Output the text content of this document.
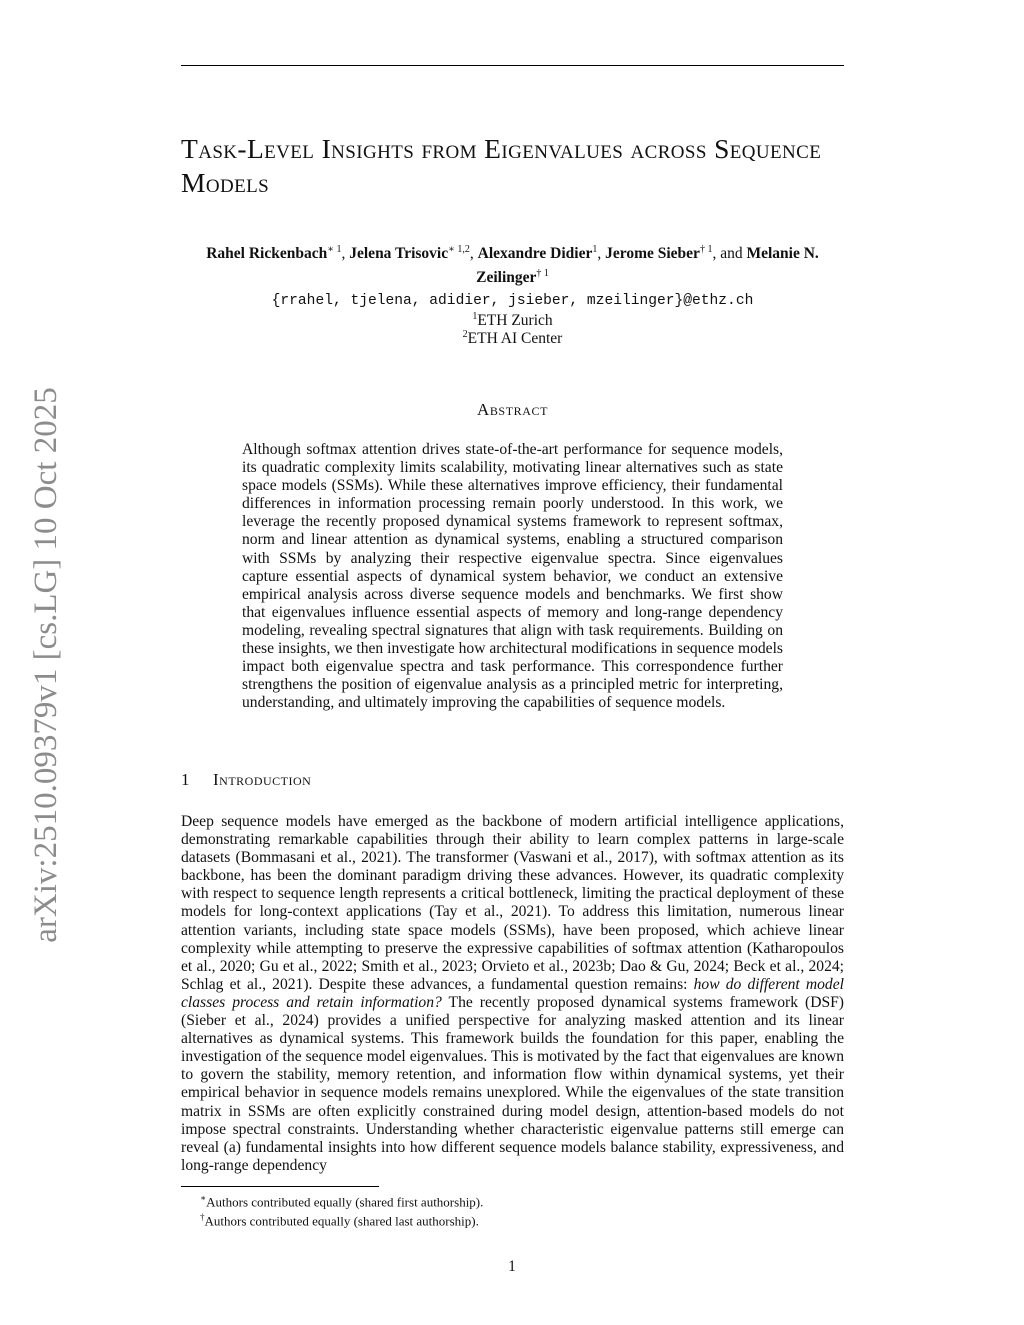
arXiv:2510.09379v1 [cs.LG] 10 Oct 2025
Task-Level Insights from Eigenvalues across Sequence Models
Rahel Rickenbach$^{∗ 1}$, Jelena Trisovic$^{∗ 1,2}$, Alexandre Didier$^1$, Jerome Sieber$^{\dagger 1}$, and Melanie N. Zeilinger$^{\dagger 1}$
{rrahel, tjelena, adidier, jsieber, mzeilinger}@ethz.ch
$^1$ETH Zurich
$^2$ETH AI Center
Abstract

Although softmax attention drives state-of-the-art performance for sequence models, its quadratic complexity limits scalability, motivating linear alternatives such as state space models (SSMs). While these alternatives improve efficiency, their fundamental differences in information processing remain poorly understood. In this work, we leverage the recently proposed dynamical systems framework to represent softmax, norm and linear attention as dynamical systems, enabling a structured comparison with SSMs by analyzing their respective eigenvalue spectra. Since eigenvalues capture essential aspects of dynamical system behavior, we conduct an extensive empirical analysis across diverse sequence models and benchmarks. We first show that eigenvalues influence essential aspects of memory and long-range dependency modeling, revealing spectral signatures that align with task requirements. Building on these insights, we then investigate how architectural modifications in sequence models impact both eigenvalue spectra and task performance. This correspondence further strengthens the position of eigenvalue analysis as a principled metric for interpreting, understanding, and ultimately improving the capabilities of sequence models.

1 Introduction

Deep sequence models have emerged as the backbone of modern artificial intelligence applications, demonstrating remarkable capabilities through their ability to learn complex patterns in large-scale datasets (Bommasani et al., 2021). The transformer (Vaswani et al., 2017), with softmax attention as its backbone, has been the dominant paradigm driving these advances. However, its quadratic complexity with respect to sequence length represents a critical bottleneck, limiting the practical deployment of these models for long-context applications (Tay et al., 2021). To address this limitation, numerous linear attention variants, including state space models (SSMs), have been proposed, which achieve linear complexity while attempting to preserve the expressive capabilities of softmax attention (Katharopoulos et al., 2020; Gu et al., 2022; Smith et al., 2023; Orvieto et al., 2023b; Dao & Gu, 2024; Beck et al., 2024; Schlag et al., 2021). Despite these advances, a fundamental question remains: how do different model classes process and retain information? The recently proposed dynamical systems framework (DSF) (Sieber et al., 2024) provides a unified perspective for analyzing masked attention and its linear alternatives as dynamical systems. This framework builds the foundation for this paper, enabling the investigation of the sequence model eigenvalues. This is motivated by the fact that eigenvalues are known to govern the stability, memory retention, and information flow within dynamical systems, yet their empirical behavior in sequence models remains unexplored. While the eigenvalues of the state transition matrix in SSMs are often explicitly constrained during model design, attention-based models do not impose spectral constraints. Understanding whether characteristic eigenvalue patterns still emerge can reveal (a) fundamental insights into how different sequence models balance stability, expressiveness, and long-range dependency

∗Authors contributed equally (shared first authorship).
†Authors contributed equally (shared last authorship).
1
